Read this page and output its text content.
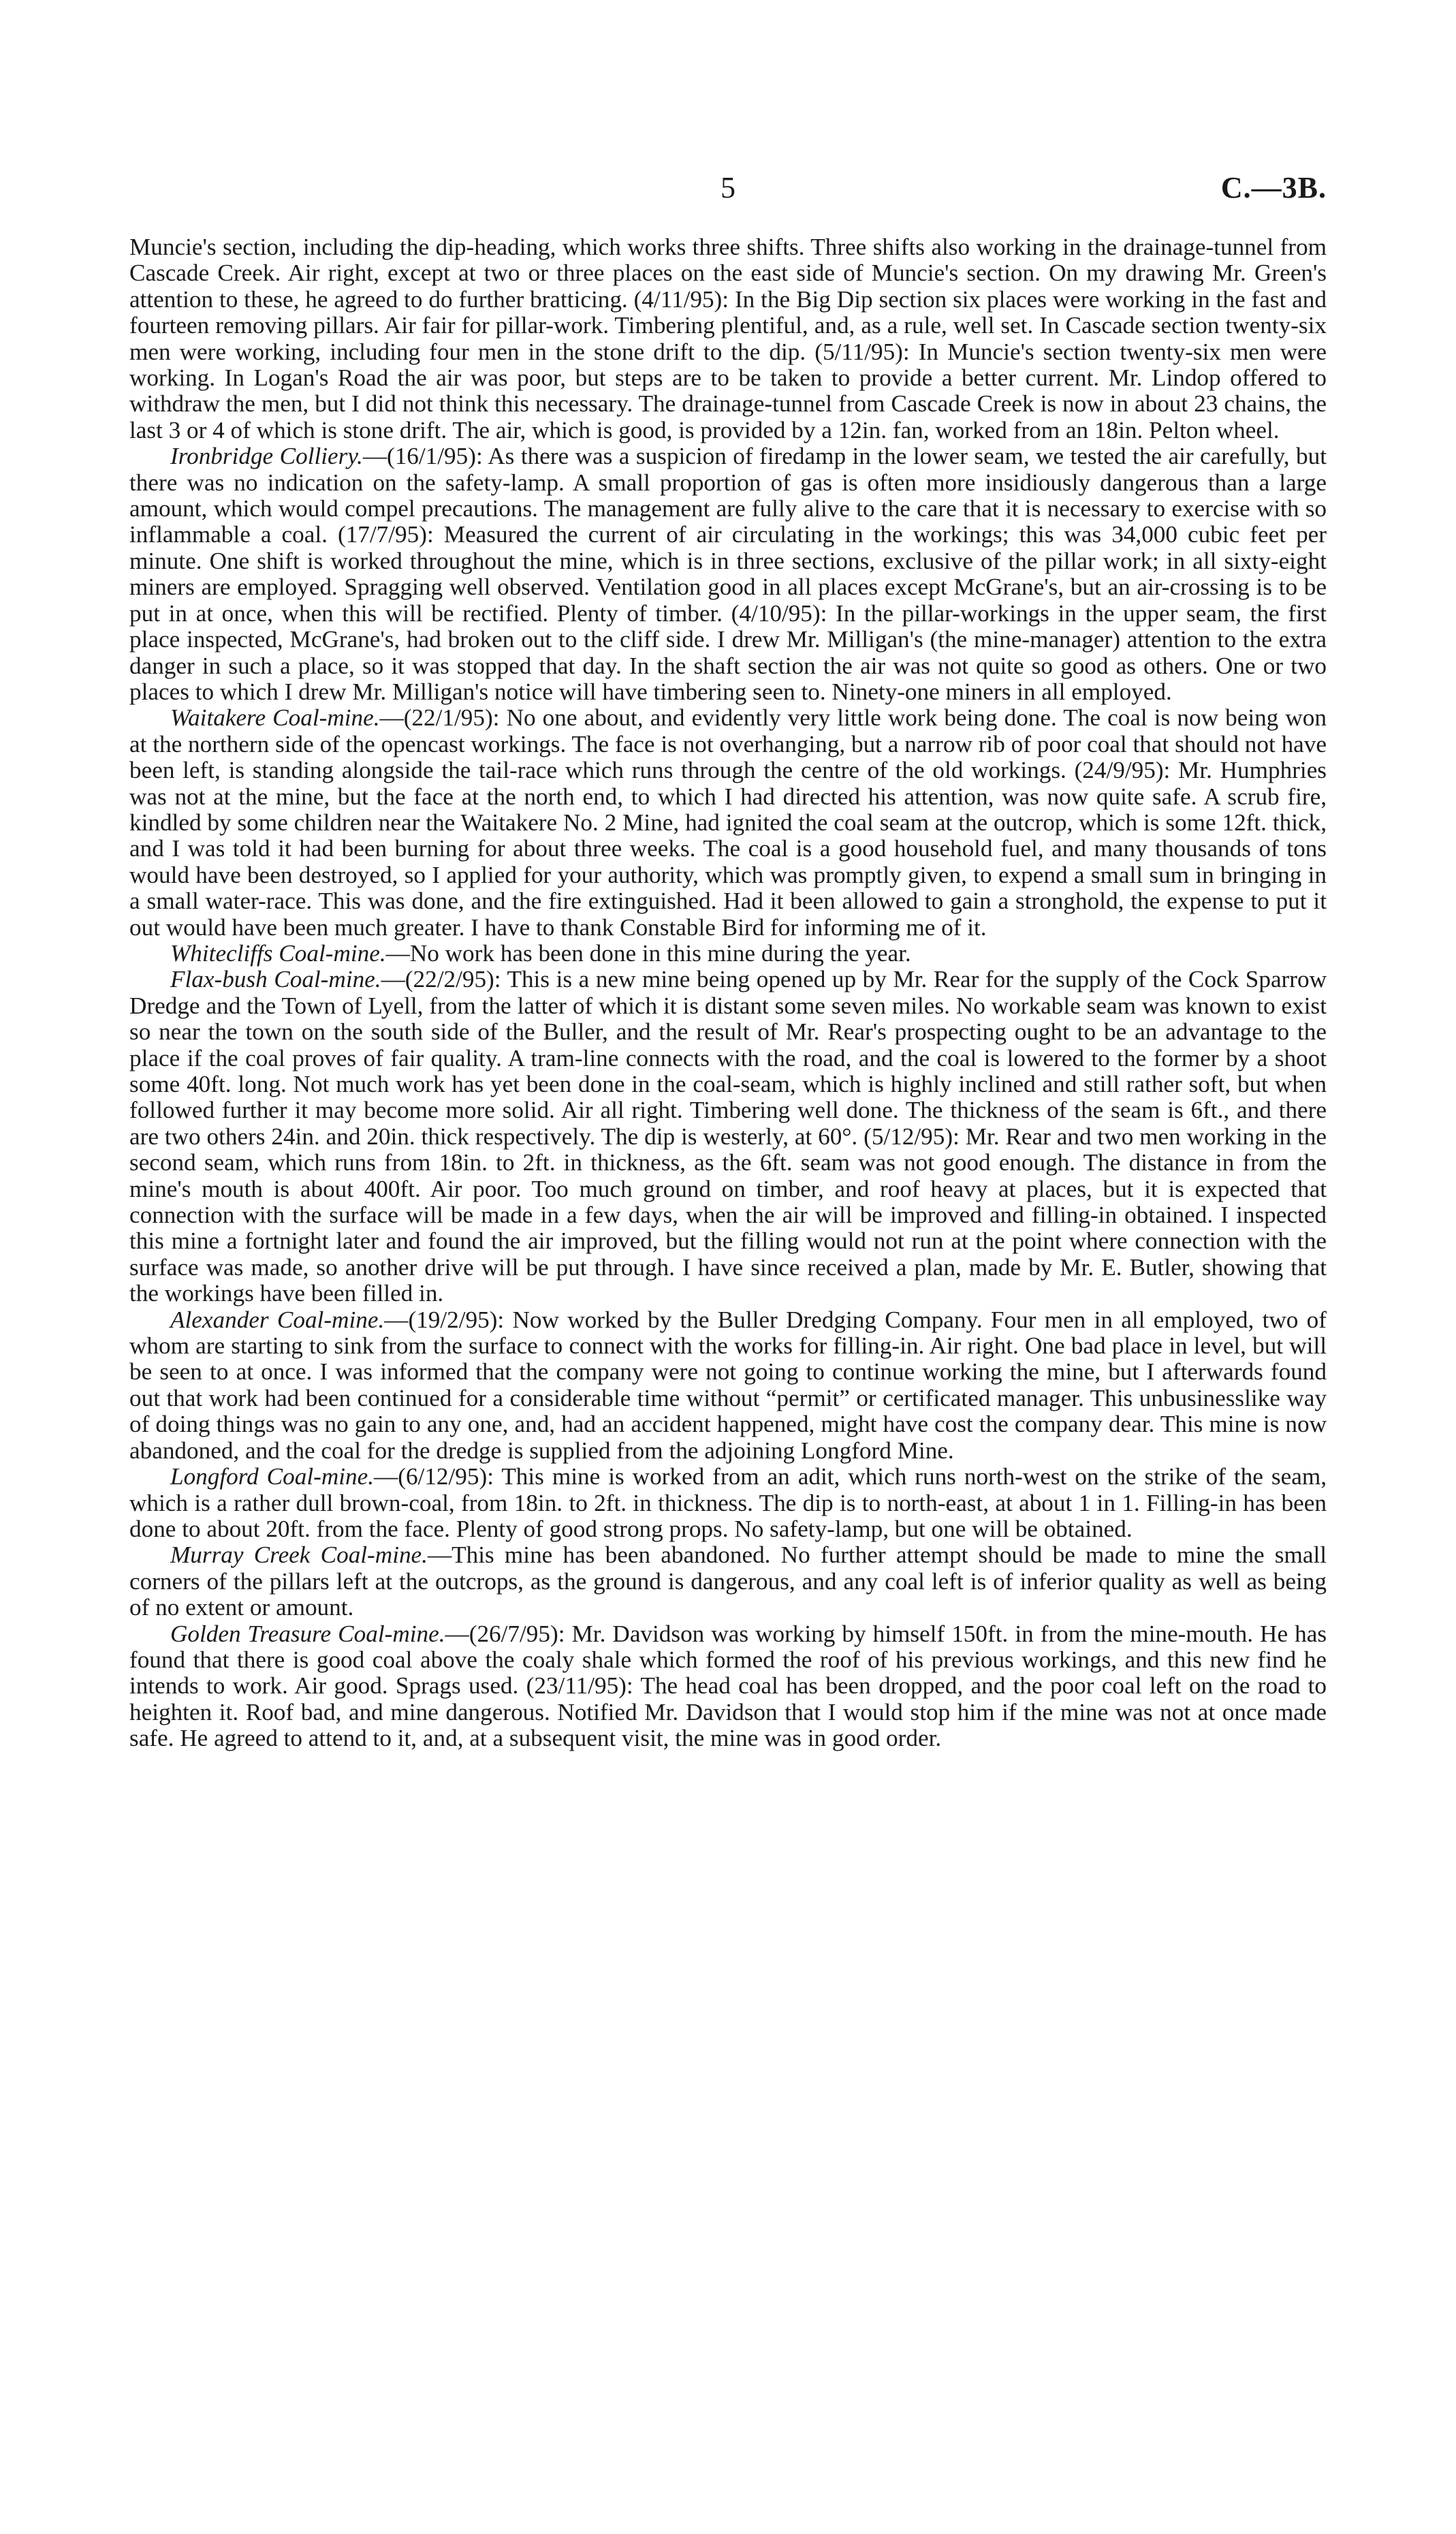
5	C.—3B.

Muncie's section, including the dip-heading, which works three shifts. Three shifts also working in the drainage-tunnel from Cascade Creek. Air right, except at two or three places on the east side of Muncie's section. On my drawing Mr. Green's attention to these, he agreed to do further bratticing. (4/11/95): In the Big Dip section six places were working in the fast and fourteen removing pillars. Air fair for pillar-work. Timbering plentiful, and, as a rule, well set. In Cascade section twenty-six men were working, including four men in the stone drift to the dip. (5/11/95): In Muncie's section twenty-six men were working. In Logan's Road the air was poor, but steps are to be taken to provide a better current. Mr. Lindop offered to withdraw the men, but I did not think this necessary. The drainage-tunnel from Cascade Creek is now in about 23 chains, the last 3 or 4 of which is stone drift. The air, which is good, is provided by a 12in. fan, worked from an 18in. Pelton wheel.

Ironbridge Colliery.—(16/1/95): As there was a suspicion of firedamp in the lower seam, we tested the air carefully, but there was no indication on the safety-lamp. A small proportion of gas is often more insidiously dangerous than a large amount, which would compel precautions. The management are fully alive to the care that it is necessary to exercise with so inflammable a coal. (17/7/95): Measured the current of air circulating in the workings; this was 34,000 cubic feet per minute. One shift is worked throughout the mine, which is in three sections, exclusive of the pillar work; in all sixty-eight miners are employed. Spragging well observed. Ventilation good in all places except McGrane's, but an air-crossing is to be put in at once, when this will be rectified. Plenty of timber. (4/10/95): In the pillar-workings in the upper seam, the first place inspected, McGrane's, had broken out to the cliff side. I drew Mr. Milligan's (the mine-manager) attention to the extra danger in such a place, so it was stopped that day. In the shaft section the air was not quite so good as others. One or two places to which I drew Mr. Milligan's notice will have timbering seen to. Ninety-one miners in all employed.

Waitakere Coal-mine.—(22/1/95): No one about, and evidently very little work being done. The coal is now being won at the northern side of the opencast workings. The face is not overhanging, but a narrow rib of poor coal that should not have been left, is standing alongside the tail-race which runs through the centre of the old workings. (24/9/95): Mr. Humphries was not at the mine, but the face at the north end, to which I had directed his attention, was now quite safe. A scrub fire, kindled by some children near the Waitakere No. 2 Mine, had ignited the coal seam at the outcrop, which is some 12ft. thick, and I was told it had been burning for about three weeks. The coal is a good household fuel, and many thousands of tons would have been destroyed, so I applied for your authority, which was promptly given, to expend a small sum in bringing in a small water-race. This was done, and the fire extinguished. Had it been allowed to gain a stronghold, the expense to put it out would have been much greater. I have to thank Constable Bird for informing me of it.

Whitecliffs Coal-mine.—No work has been done in this mine during the year.

Flax-bush Coal-mine.—(22/2/95): This is a new mine being opened up by Mr. Rear for the supply of the Cock Sparrow Dredge and the Town of Lyell, from the latter of which it is distant some seven miles. No workable seam was known to exist so near the town on the south side of the Buller, and the result of Mr. Rear's prospecting ought to be an advantage to the place if the coal proves of fair quality. A tram-line connects with the road, and the coal is lowered to the former by a shoot some 40ft. long. Not much work has yet been done in the coal-seam, which is highly inclined and still rather soft, but when followed further it may become more solid. Air all right. Timbering well done. The thickness of the seam is 6ft., and there are two others 24in. and 20in. thick respectively. The dip is westerly, at 60°. (5/12/95): Mr. Rear and two men working in the second seam, which runs from 18in. to 2ft. in thickness, as the 6ft. seam was not good enough. The distance in from the mine's mouth is about 400ft. Air poor. Too much ground on timber, and roof heavy at places, but it is expected that connection with the surface will be made in a few days, when the air will be improved and filling-in obtained. I inspected this mine a fortnight later and found the air improved, but the filling would not run at the point where connection with the surface was made, so another drive will be put through. I have since received a plan, made by Mr. E. Butler, showing that the workings have been filled in.

Alexander Coal-mine.—(19/2/95): Now worked by the Buller Dredging Company. Four men in all employed, two of whom are starting to sink from the surface to connect with the works for filling-in. Air right. One bad place in level, but will be seen to at once. I was informed that the company were not going to continue working the mine, but I afterwards found out that work had been continued for a considerable time without “permit” or certificated manager. This unbusinesslike way of doing things was no gain to any one, and, had an accident happened, might have cost the company dear. This mine is now abandoned, and the coal for the dredge is supplied from the adjoining Longford Mine.

Longford Coal-mine.—(6/12/95): This mine is worked from an adit, which runs north-west on the strike of the seam, which is a rather dull brown-coal, from 18in. to 2ft. in thickness. The dip is to north-east, at about 1 in 1. Filling-in has been done to about 20ft. from the face. Plenty of good strong props. No safety-lamp, but one will be obtained.

Murray Creek Coal-mine.—This mine has been abandoned. No further attempt should be made to mine the small corners of the pillars left at the outcrops, as the ground is dangerous, and any coal left is of inferior quality as well as being of no extent or amount.

Golden Treasure Coal-mine.—(26/7/95): Mr. Davidson was working by himself 150ft. in from the mine-mouth. He has found that there is good coal above the coaly shale which formed the roof of his previous workings, and this new find he intends to work. Air good. Sprags used. (23/11/95): The head coal has been dropped, and the poor coal left on the road to heighten it. Roof bad, and mine dangerous. Notified Mr. Davidson that I would stop him if the mine was not at once made safe. He agreed to attend to it, and, at a subsequent visit, the mine was in good order.
